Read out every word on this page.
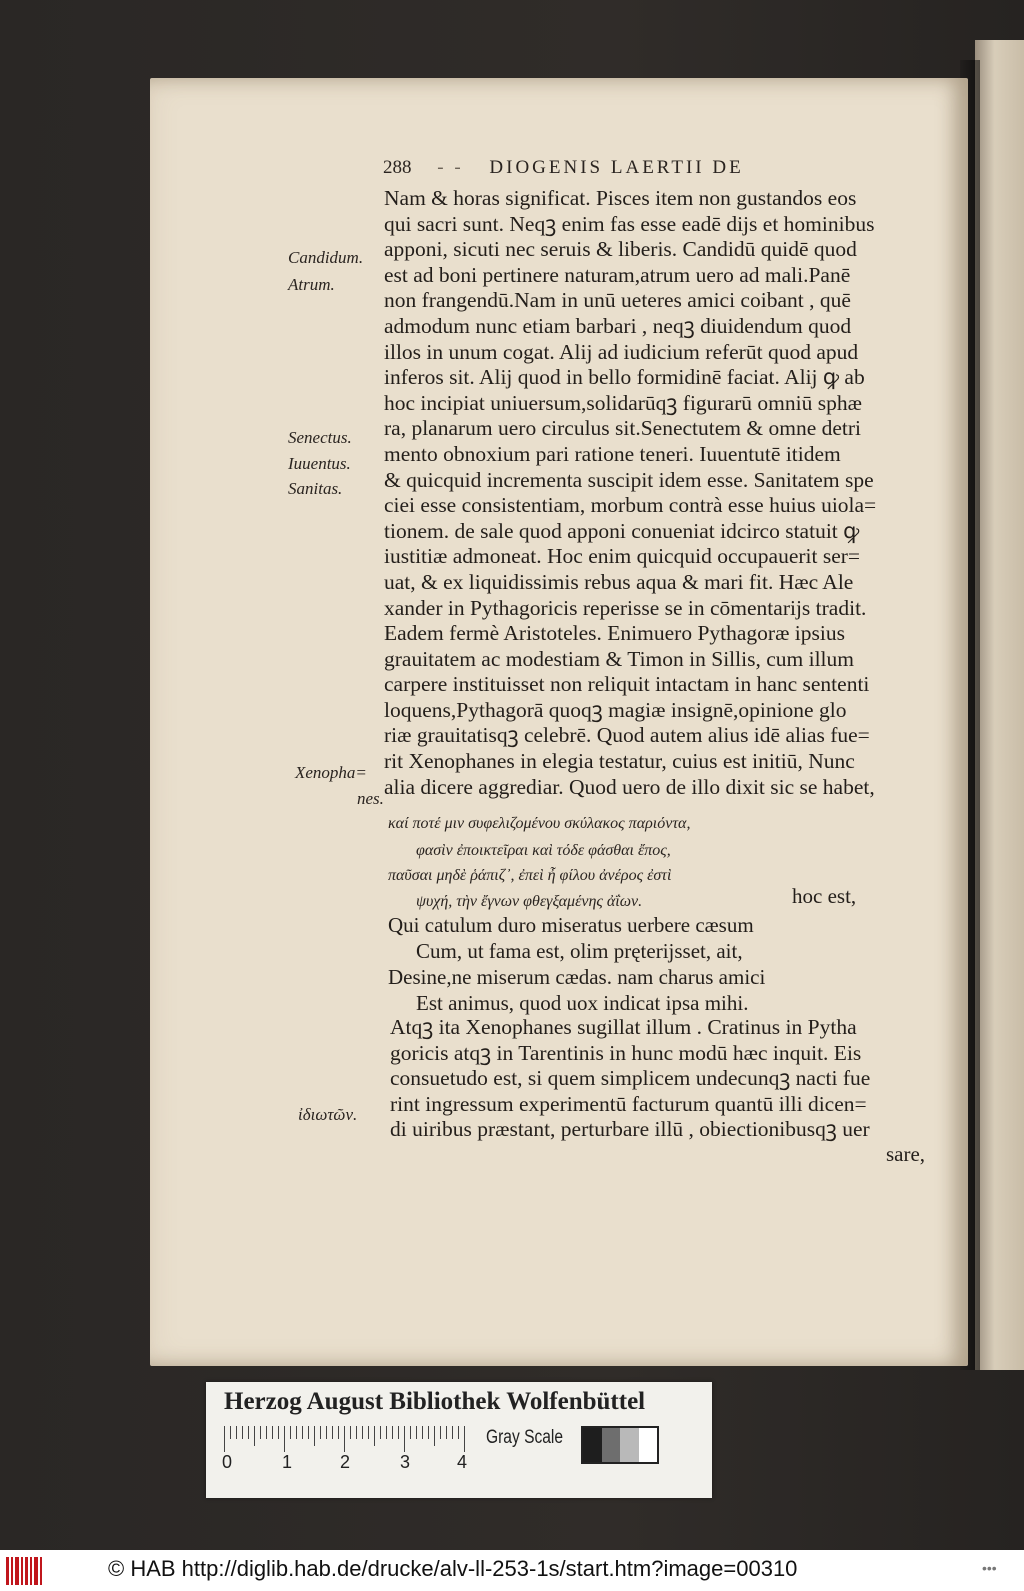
288 - - DIOGENIS LAERTII DE
Candidum.
Atrum.
Senectus.
Iuuentus.
Sanitas.
Xenopha=
nes.
ἰδιωτῶν.
Nam & horas significat. Pisces item non gustandos eos
qui sacri sunt. Neqꝫ enim fas esse eadē dijs et hominibus
apponi, sicuti nec seruis & liberis. Candidū quidē quod
est ad boni pertinere naturam,atrum uero ad mali.Panē
non frangendū.Nam in unū ueteres amici coibant , quē
admodum nunc etiam barbari , neqꝫ diuidendum quod
illos in unum cogat. Alij ad iudicium referūt quod apud
inferos sit. Alij quod in bello formidinē faciat. Alij ꝙ ab
hoc incipiat uniuersum,solidarūqꝫ figurarū omniū sphæ
ra, planarum uero circulus sit.Senectutem & omne detri
mento obnoxium pari ratione teneri. Iuuentutē itidem
& quicquid incrementa suscipit idem esse. Sanitatem spe
ciei esse consistentiam, morbum contrà esse huius uiola=
tionem. de sale quod apponi conueniat idcirco statuit ꝙ
iustitiæ admoneat. Hoc enim quicquid occupauerit ser=
uat, & ex liquidissimis rebus aqua & mari fit. Hæc Ale
xander in Pythagoricis reperisse se in cōmentarijs tradit.
Eadem fermè Aristoteles. Enimuero Pythagoræ ipsius
grauitatem ac modestiam & Timon in Sillis, cum illum
carpere instituisset non reliquit intactam in hanc sententi
loquens,Pythagorā quoqꝫ magiæ insignē,opinione glo
riæ grauitatisqꝫ celebrē. Quod autem alius idē alias fue=
rit Xenophanes in elegia testatur, cuius est initiū, Nunc
alia dicere aggrediar. Quod uero de illo dixit sic se habet,
καί ποτέ μιν συφελιζομένου σκύλακος παριόντα,
φασὶν ἐποικτεῖραι καὶ τόδε φάσθαι ἔπος,
παῦσαι μηδὲ ῥάπιζ᾽, ἐπεὶ ἦ φίλου ἀνέρος ἐστὶ
ψυχή, τὴν ἔγνων φθεγξαμένης ἀΐων.	hoc est,
Qui catulum duro miseratus uerbere cæsum
Cum, ut fama est, olim pręterijsset, ait,
Desine,ne miserum cædas. nam charus amici
Est animus, quod uox indicat ipsa mihi.
Atqꝫ ita Xenophanes sugillat illum . Cratinus in Pytha
goricis atqꝫ in Tarentinis in hunc modū hæc inquit. Eis
consuetudo est, si quem simplicem undecunqꝫ nacti fue
rint ingressum experimentū facturum quantū illi dicen=
di uiribus præstant, perturbare illū , obiectionibusqꝫ uer
sare,
Herzog August Bibliothek Wolfenbüttel
0	1	2	3	4
Gray Scale
© HAB http://diglib.hab.de/drucke/alv-ll-253-1s/start.htm?image=00310	•••
